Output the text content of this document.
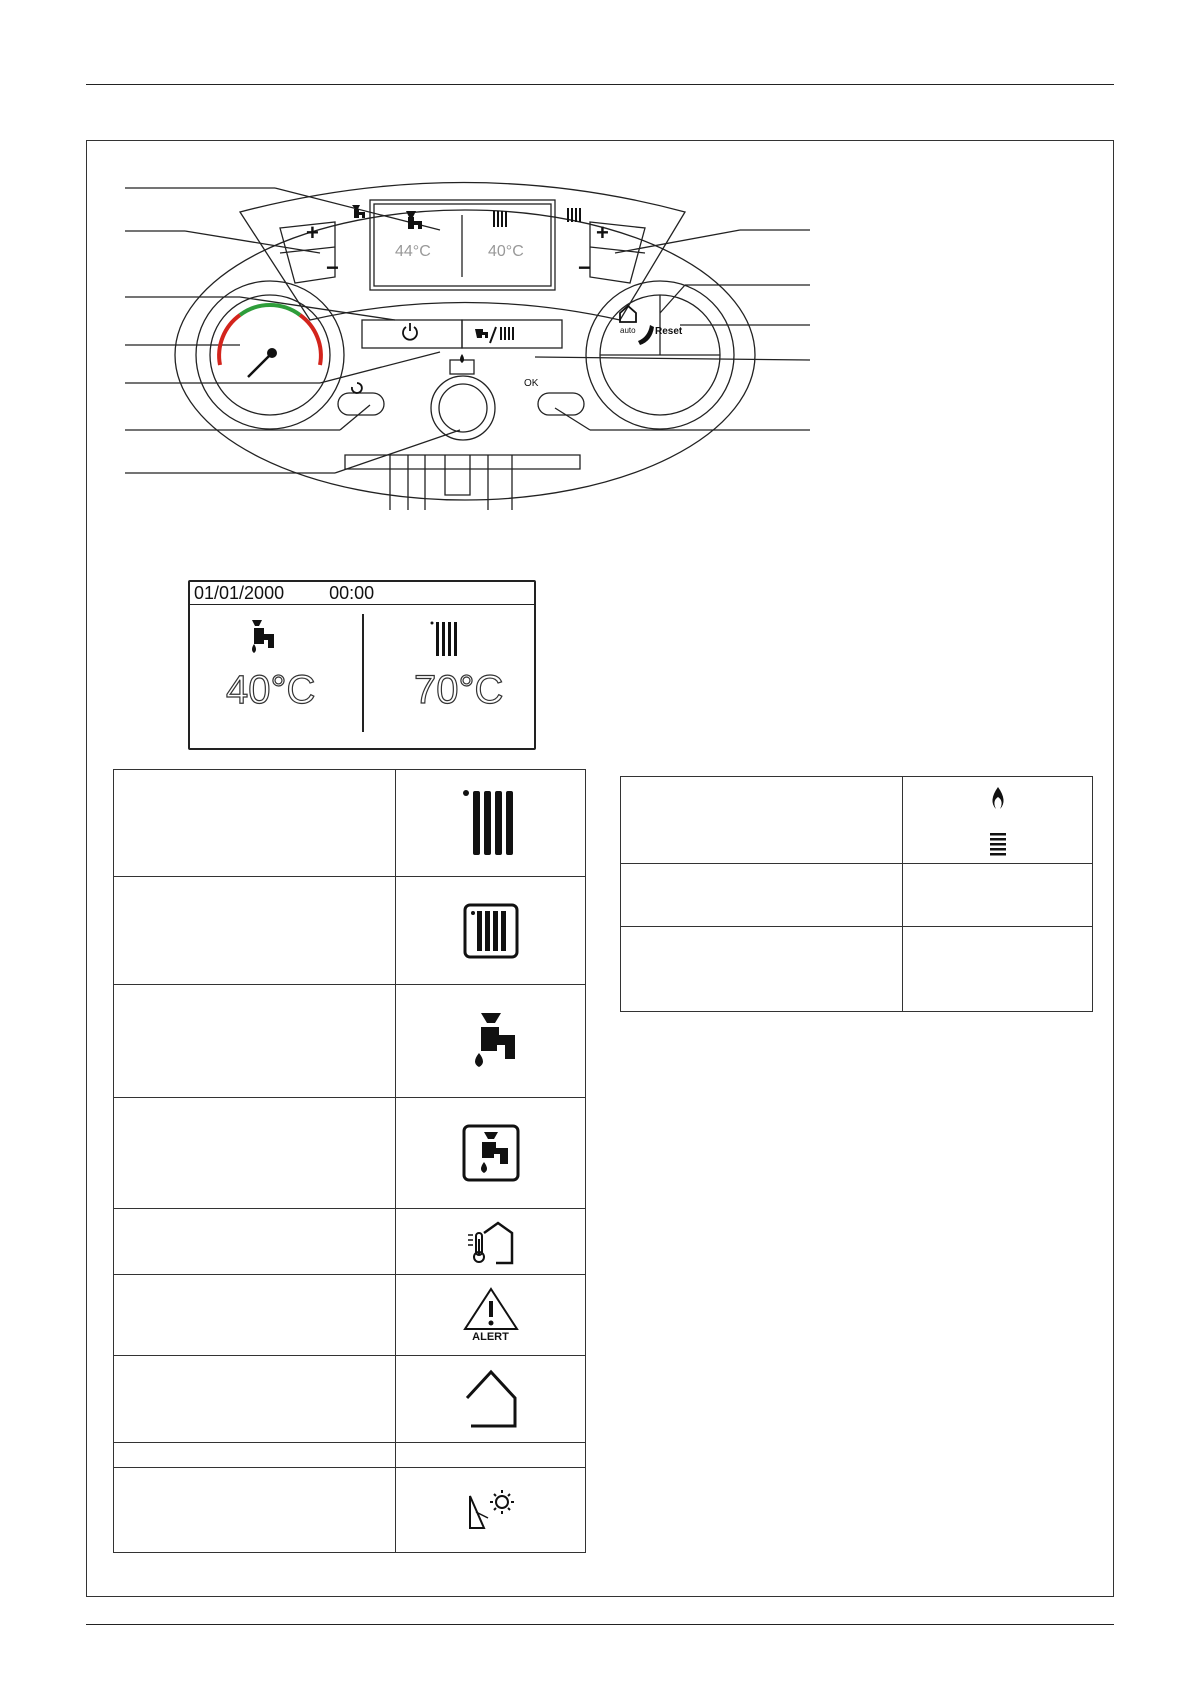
44°C	40°C
+
−
+
−
auto Reset
OK
01/01/2000	00:00
40°C 70°C

	ALERT
